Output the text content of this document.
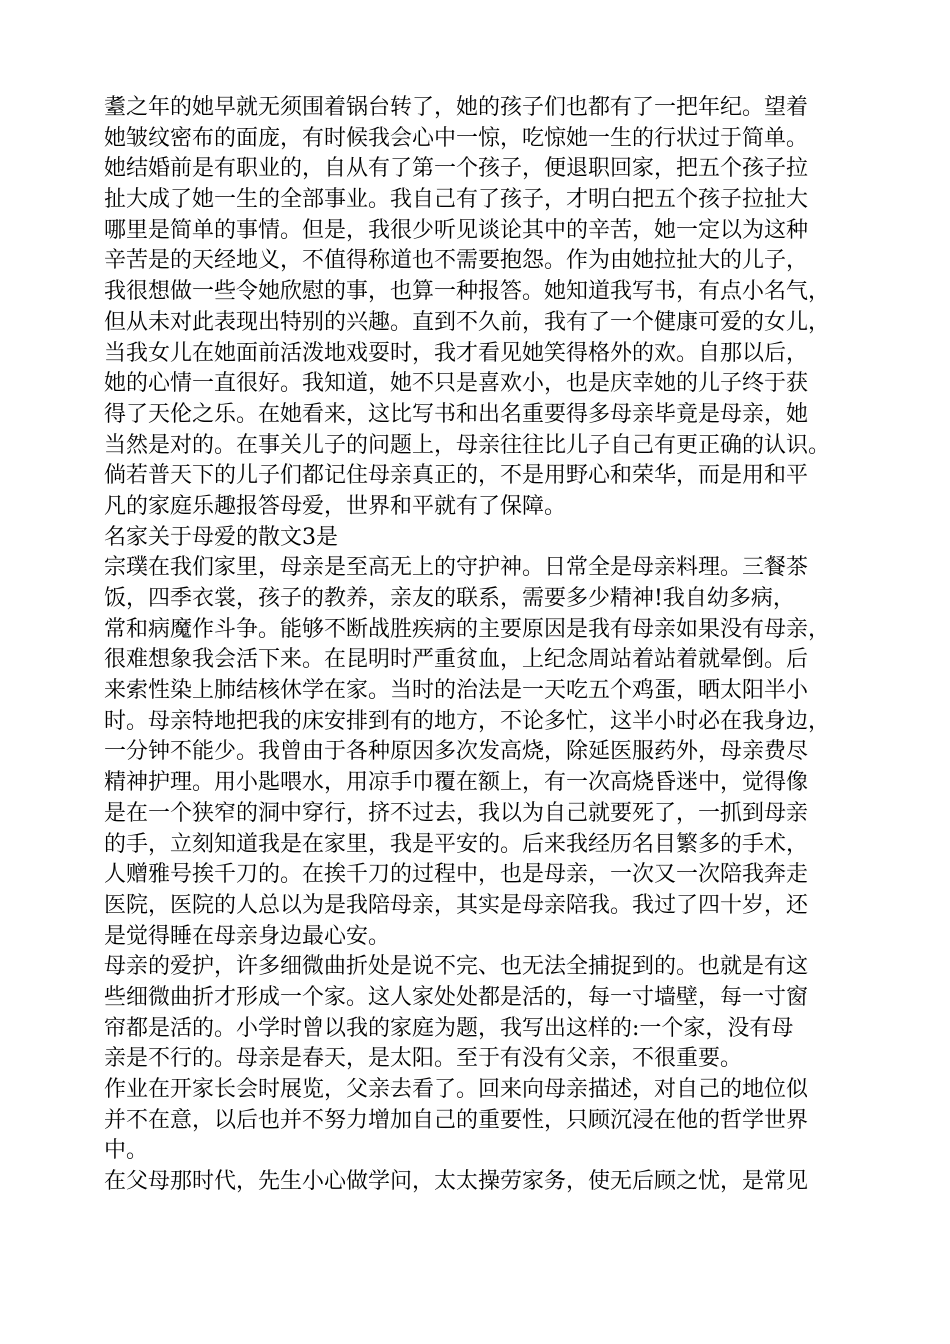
耋之年的她早就无须围着锅台转了，她的孩子们也都有了一把年纪。望着
她皱纹密布的面庞，有时候我会心中一惊，吃惊她一生的行状过于简单。
她结婚前是有职业的，自从有了第一个孩子，便退职回家，把五个孩子拉
扯大成了她一生的全部事业。我自己有了孩子，才明白把五个孩子拉扯大
哪里是简单的事情。但是，我很少听见谈论其中的辛苦，她一定以为这种
辛苦是的天经地义，不值得称道也不需要抱怨。作为由她拉扯大的儿子，
我很想做一些令她欣慰的事，也算一种报答。她知道我写书，有点小名气，
但从未对此表现出特别的兴趣。直到不久前，我有了一个健康可爱的女儿，
当我女儿在她面前活泼地戏耍时，我才看见她笑得格外的欢。自那以后，
她的心情一直很好。我知道，她不只是喜欢小，也是庆幸她的儿子终于获
得了天伦之乐。在她看来，这比写书和出名重要得多母亲毕竟是母亲，她
当然是对的。在事关儿子的问题上，母亲往往比儿子自己有更正确的认识。
倘若普天下的儿子们都记住母亲真正的，不是用野心和荣华，而是用和平
凡的家庭乐趣报答母爱，世界和平就有了保障。
名家关于母爱的散文3是
宗璞在我们家里，母亲是至高无上的守护神。日常全是母亲料理。三餐茶
饭，四季衣裳，孩子的教养，亲友的联系，需要多少精神!我自幼多病，
常和病魔作斗争。能够不断战胜疾病的主要原因是我有母亲如果没有母亲，
很难想象我会活下来。在昆明时严重贫血，上纪念周站着站着就晕倒。后
来索性染上肺结核休学在家。当时的治法是一天吃五个鸡蛋，晒太阳半小
时。母亲特地把我的床安排到有的地方，不论多忙，这半小时必在我身边，
一分钟不能少。我曾由于各种原因多次发高烧，除延医服药外，母亲费尽
精神护理。用小匙喂水，用凉手巾覆在额上，有一次高烧昏迷中，觉得像
是在一个狭窄的洞中穿行，挤不过去，我以为自己就要死了，一抓到母亲
的手，立刻知道我是在家里，我是平安的。后来我经历名目繁多的手术，
人赠雅号挨千刀的。在挨千刀的过程中，也是母亲，一次又一次陪我奔走
医院，医院的人总以为是我陪母亲，其实是母亲陪我。我过了四十岁，还
是觉得睡在母亲身边最心安。
母亲的爱护，许多细微曲折处是说不完、也无法全捕捉到的。也就是有这
些细微曲折才形成一个家。这人家处处都是活的，每一寸墙壁，每一寸窗
帘都是活的。小学时曾以我的家庭为题，我写出这样的:一个家，没有母
亲是不行的。母亲是春天，是太阳。至于有没有父亲，不很重要。
作业在开家长会时展览，父亲去看了。回来向母亲描述，对自己的地位似
并不在意，以后也并不努力增加自己的重要性，只顾沉浸在他的哲学世界
中。
在父母那时代，先生小心做学问，太太操劳家务，使无后顾之忧，是常见
